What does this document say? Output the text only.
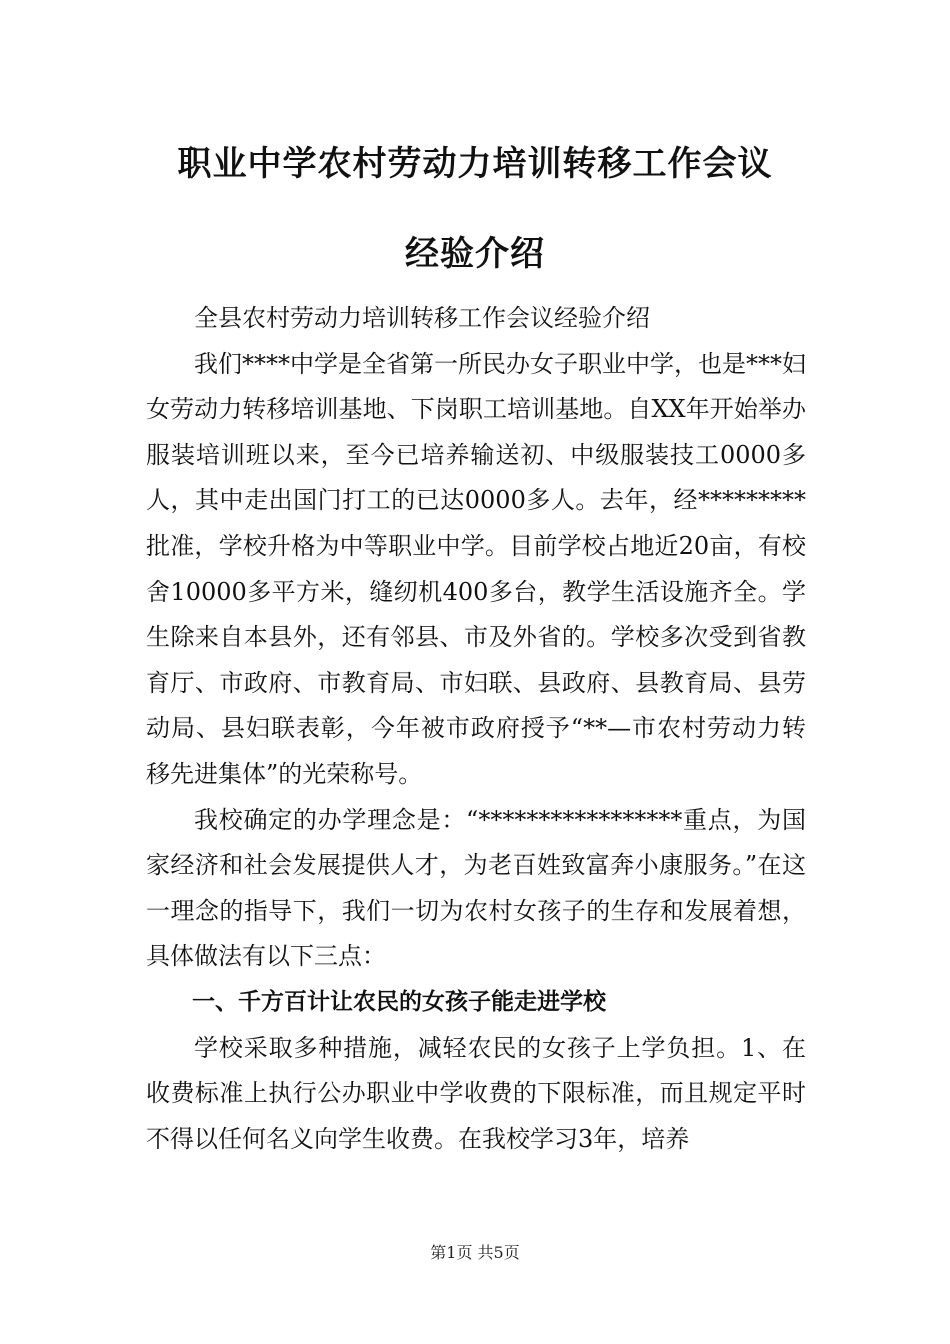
职业中学农村劳动力培训转移工作会议
经验介绍

全县农村劳动力培训转移工作会议经验介绍

我们****中学是全省第一所民办女子职业中学，也是***妇女劳动力转移培训基地、下岗职工培训基地。自XX年开始举办服装培训班以来，至今已培养输送初、中级服装技工0000多人，其中走出国门打工的已达0000多人。去年，经*********批准，学校升格为中等职业中学。目前学校占地近20亩，有校舍10000多平方米，缝纫机400多台，教学生活设施齐全。学生除来自本县外，还有邻县、市及外省的。学校多次受到省教育厅、市政府、市教育局、市妇联、县政府、县教育局、县劳动局、县妇联表彰，今年被市政府授予“**—市农村劳动力转移先进集体”的光荣称号。

我校确定的办学理念是：“*****************重点，为国家经济和社会发展提供人才，为老百姓致富奔小康服务。”在这一理念的指导下，我们一切为农村女孩子的生存和发展着想，具体做法有以下三点：

一、千方百计让农民的女孩子能走进学校

学校采取多种措施，减轻农民的女孩子上学负担。1、在收费标准上执行公办职业中学收费的下限标准，而且规定平时不得以任何名义向学生收费。在我校学习3年，培养

第1页 共5页
